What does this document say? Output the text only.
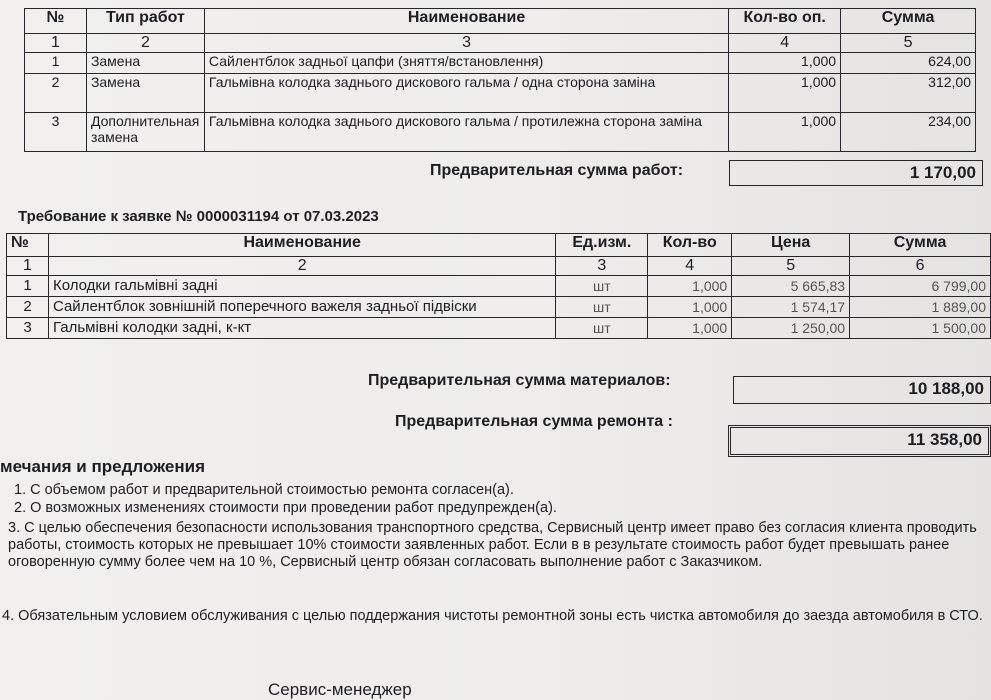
№	Тип работ	Наименование	Кол-во оп.	Сумма
1	2	3	4	5
1	Замена	Сайлентблок задньої цапфи (зняття/встановлення)	1,000	624,00
2	Замена	Гальмівна колодка заднього дискового гальма / одна сторона заміна	1,000	312,00
3	Дополнительная замена	Гальмівна колодка заднього дискового гальма / протилежна сторона заміна	1,000	234,00
Предварительная сумма работ:	1 170,00
Требование к заявке № 0000031194 от 07.03.2023
№	Наименование	Ед.изм.	Кол-во	Цена	Сумма
1	2	3	4	5	6
1	Колодки гальмівні задні	шт	1,000	5 665,83	6 799,00
2	Сайлентблок зовнішній поперечного важеля задньої підвіски	шт	1,000	1 574,17	1 889,00
3	Гальмівні колодки задні, к-кт	шт	1,000	1 250,00	1 500,00
Предварительная сумма материалов:	10 188,00
Предварительная сумма ремонта :
11 358,00
мечания и предложения
1. С объемом работ и предварительной стоимостью ремонта согласен(а).
2. О возможных изменениях стоимости при проведении работ предупрежден(а).
3. С целью обеспечения безопасности использования транспортного средства, Сервисный центр имеет право без согласия клиента проводить работы, стоимость которых не превышает 10% стоимости заявленных работ. Если в в результате стоимость работ будет превышать ранее оговоренную сумму более чем на 10 %, Сервисный центр обязан согласовать выполнение работ с Заказчиком.
4. Обязательным условием обслуживания с целью поддержания чистоты ремонтной зоны есть чистка автомобиля до заезда автомобиля в СТО.
Сервис-менеджер
